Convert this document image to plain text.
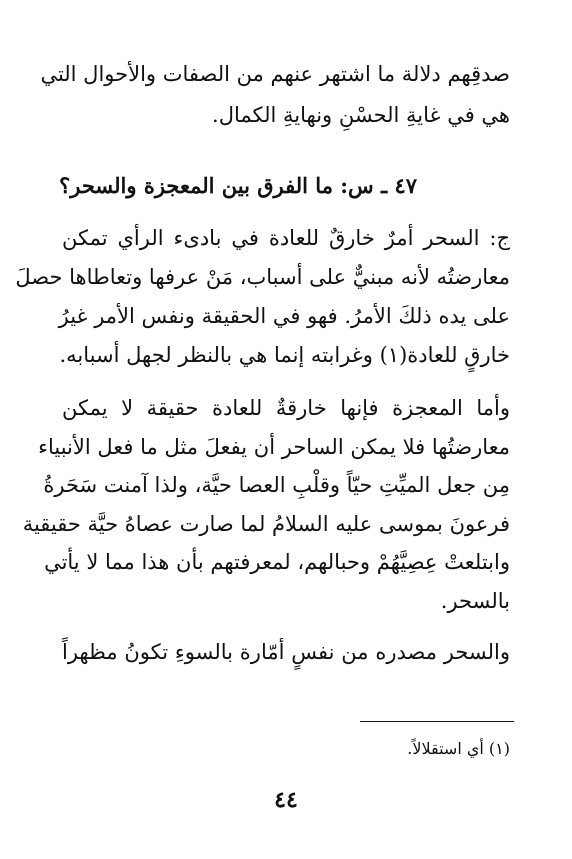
صدقِهم دلالة ما اشتهر عنهم من الصفات والأحوال التي
هي في غايةِ الحسْنِ ونهايةِ الكمال.
٤٧ ـ س: ما الفرق بين المعجزة والسحر؟
ج: السحر أمرٌ خارقٌ للعادة في بادىء الرأي تمكن
معارضتُه لأنه مبنيٌّ على أسباب، مَنْ عرفها وتعاطاها حصلَ
على يده ذلكَ الأمرُ. فهو في الحقيقة ونفس الأمر غيرُ
خارقٍ للعادة(١) وغرابته إنما هي بالنظر لجهل أسبابه.
وأما المعجزة فإنها خارقةٌ للعادة حقيقة لا يمكن
معارضتُها فلا يمكن الساحر أن يفعلَ مثل ما فعل الأنبياء
مِن جعل الميِّتِ حيّاً وقلْبِ العصا حيَّة، ولذا آمنت سَحَرةُ
فرعونَ بموسى عليه السلامُ لما صارت عصاهُ حيَّة حقيقية
وابتلعتْ عِصِيَّهُمْ وحبالهم، لمعرفتهم بأن هذا مما لا يأتي
بالسحر.
والسحر مصدره من نفسٍ أمّارة بالسوءِ تكونُ مظهراً
(١) أي استقلالاً.
٤٤
